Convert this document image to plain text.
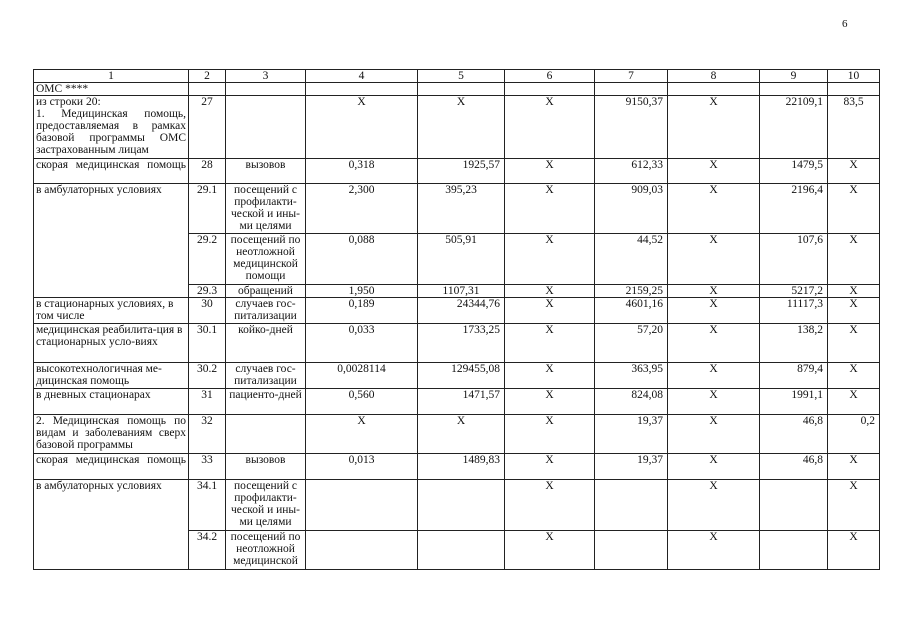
6
1	2	3	4	5	6	7	8	9	10
ОМС ****									
из строки 20:
1. Медицинская помощь, предоставляемая в рамках базовой программы ОМС застрахованным лицам	27		Х	Х	Х	9150,37	Х	22109,1	83,5
скорая медицинская помощь	28	вызовов	0,318	1925,57	Х	612,33	Х	1479,5	Х
в амбулаторных условиях	29.1	посещений с профилакти-ческой и ины-ми целями	2,300	395,23	Х	909,03	Х	2196,4	Х
	29.2	посещений по неотложной медицинской помощи	0,088	505,91	Х	44,52	Х	107,6	Х
	29.3	обращений	1,950	1107,31	Х	2159,25	Х	5217,2	Х
в стационарных условиях, в том числе	30	случаев гос-питализации	0,189	24344,76	Х	4601,16	Х	11117,3	Х
медицинская реабилита-ция в стационарных усло-виях	30.1	койко-дней	0,033	1733,25	Х	57,20	Х	138,2	Х
высокотехнологичная ме-дицинская помощь	30.2	случаев гос-питализации	0,0028114	129455,08	Х	363,95	Х	879,4	Х
в дневных стационарах	31	пациенто-дней	0,560	1471,57	Х	824,08	Х	1991,1	Х
2. Медицинская помощь по видам и заболеваниям сверх базовой программы	32		Х	Х	Х	19,37	Х	46,8	0,2
скорая медицинская помощь	33	вызовов	0,013	1489,83	Х	19,37	Х	46,8	Х
в амбулаторных условиях	34.1	посещений с профилакти-ческой и ины-ми целями			Х		Х		Х
	34.2	посещений по неотложной медицинской			Х		Х		Х
